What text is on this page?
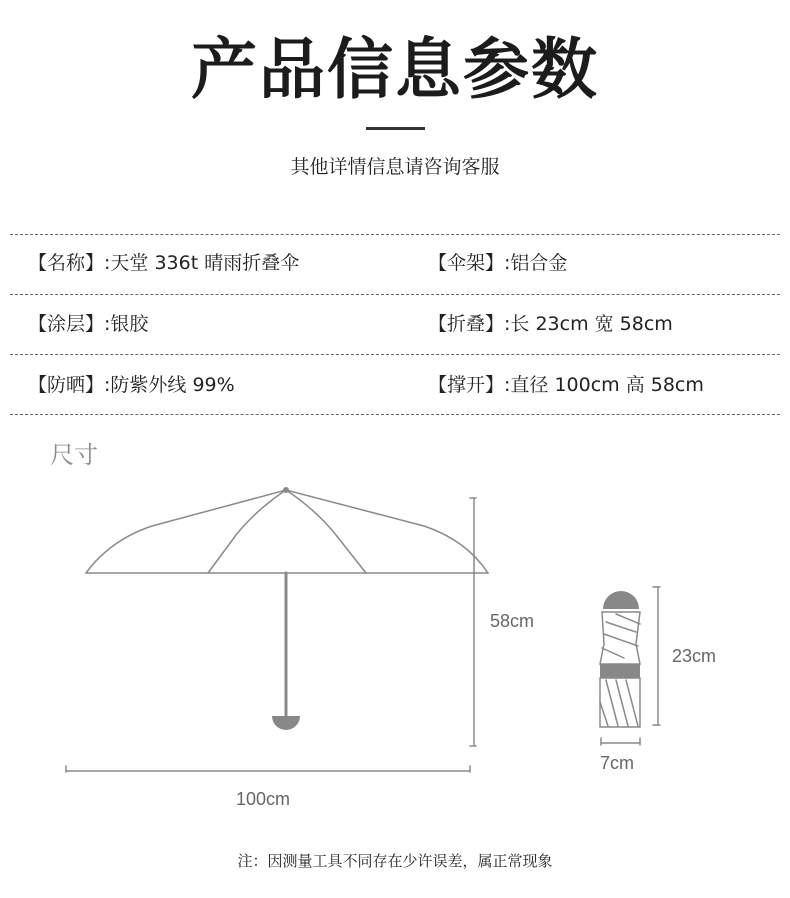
产品信息参数
其他详情信息请咨询客服
【名称】:天堂 336t 晴雨折叠伞	【伞架】:铝合金
【涂层】:银胶	【折叠】:长 23cm 宽 58cm
【防晒】:防紫外线 99%	【撑开】:直径 100cm 高 58cm
尺寸
58cm
100cm
23cm
7cm
注：因测量工具不同存在少许误差，属正常现象
